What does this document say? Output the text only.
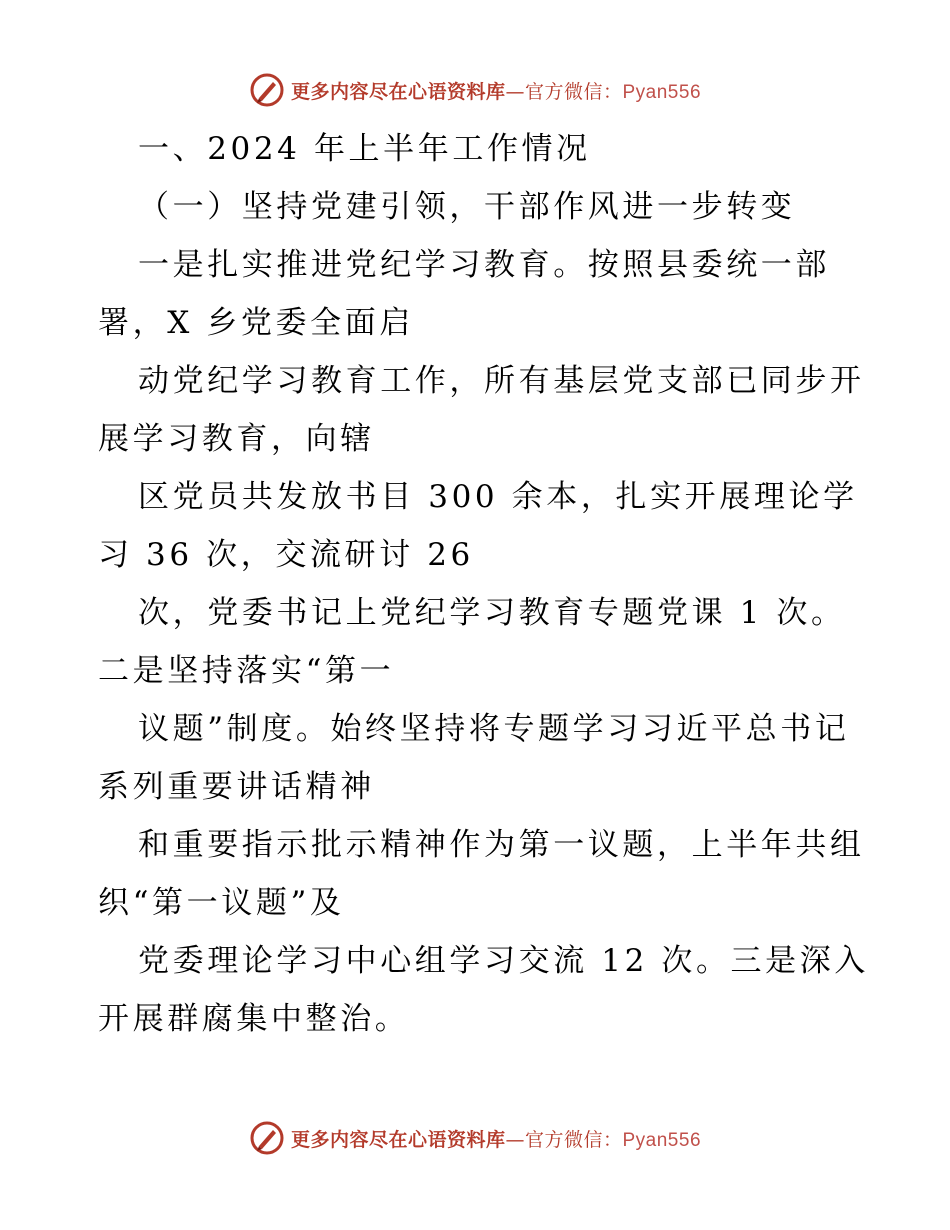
更多内容尽在心语资料库—官方微信：Pyan556
一、2024 年上半年工作情况
（一）坚持党建引领，干部作风进一步转变
一是扎实推进党纪学习教育。按照县委统一部
署，X 乡党委全面启
动党纪学习教育工作，所有基层党支部已同步开
展学习教育，向辖
区党员共发放书目 300 余本，扎实开展理论学
习 36 次，交流研讨 26
次，党委书记上党纪学习教育专题党课 1 次。
二是坚持落实“第一
议题”制度。始终坚持将专题学习习近平总书记
系列重要讲话精神
和重要指示批示精神作为第一议题，上半年共组
织“第一议题”及
党委理论学习中心组学习交流 12 次。三是深入
开展群腐集中整治。
更多内容尽在心语资料库—官方微信：Pyan556
